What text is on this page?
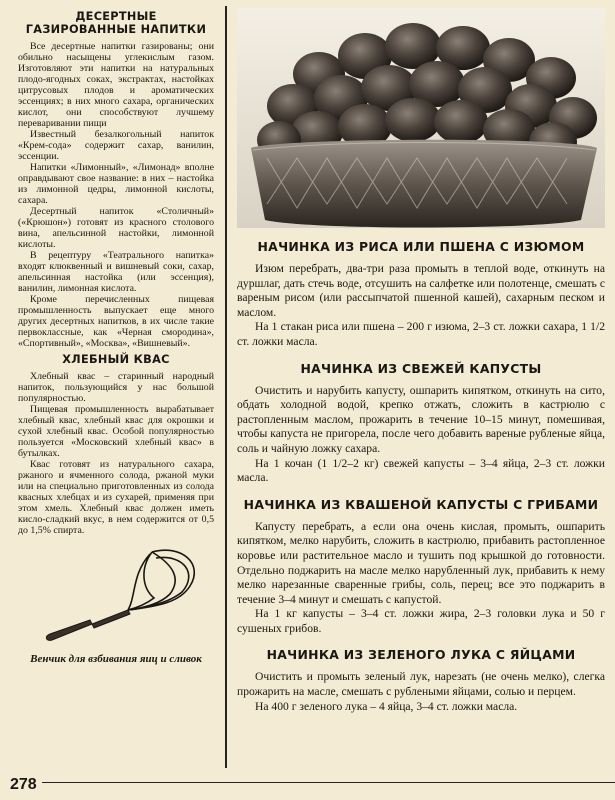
ДЕСЕРТНЫЕ ГАЗИРОВАННЫЕ НАПИТКИ

Все десертные напитки газированы; они обильно насыщены углекислым газом. Изготовляют эти напитки на натуральных плодо-ягодных соках, экстрактах, настойках цитрусовых плодов и ароматических эссенциях; в них много сахара, органических кислот, они способствуют лучшему переваривании пищи

Известный безалкогольный напиток «Крем-сода» содержит сахар, ванилин, эссенции.

Напитки «Лимонный», «Лимонад» вполне оправдывают свое название: в них – настойка из лимонной цедры, лимонной кислоты, сахара.

Десертный напиток «Столичный» («Крюшон») готовят из красного столового вина, апельсинной настойки, лимонной кислоты.

В рецептуру «Театрального напитка» входят клюквенный и вишневый соки, сахар, апельсинная настойка (или эссенция), ванилин, лимонная кислота.

Кроме перечисленных пищевая промышленность выпускает еще много других десертных напитков, в их числе такие первоклассные, как «Черная смородина», «Спортивный», «Москва», «Вишневый».

ХЛЕБНЫЙ КВАС

Хлебный квас – старинный народный напиток, пользующийся у нас большой популярностью.

Пищевая промышленность вырабатывает хлебный квас, хлебный квас для окрошки и сухой хлебный квас. Особой популярностью пользуется «Московский хлебный квас» в бутылках.

Квас готовят из натурального сахара, ржаного и ячменного солода, ржаной муки или на специально приготовленных из солода квасных хлебцах и из сухарей, применяя при этом хмель. Хлебный квас должен иметь кисло-сладкий вкус, в нем содержится от 0,5 до 1,5% спирта.

Венчик для взбивания яиц и сливок
НАЧИНКА ИЗ РИСА ИЛИ ПШЕНА С ИЗЮМОМ

Изюм перебрать, два-три раза промыть в теплой воде, откинуть на дуршлаг, дать стечь воде, отсушить на салфетке или полотенце, смешать с вареным рисом (или рассыпчатой пшенной кашей), сахарным песком и маслом.

На 1 стакан риса или пшена – 200 г изюма, 2–3 ст. ложки сахара, 1 1/2 ст. ложки масла.

НАЧИНКА ИЗ СВЕЖЕЙ КАПУСТЫ

Очистить и нарубить капусту, ошпарить кипятком, откинуть на сито, обдать холодной водой, крепко отжать, сложить в кастрюлю с растопленным маслом, прожарить в течение 10–15 минут, помешивая, чтобы капуста не пригорела, после чего добавить вареные рубленые яйца, соль и чайную ложку сахара.

На 1 кочан (1 1/2–2 кг) свежей капусты – 3–4 яйца, 2–3 ст. ложки масла.

НАЧИНКА ИЗ КВАШЕНОЙ КАПУСТЫ С ГРИБАМИ

Капусту перебрать, а если она очень кислая, промыть, ошпарить кипятком, мелко нарубить, сложить в кастрюлю, прибавить растопленное коровье или растительное масло и тушить под крышкой до готовности. Отдельно поджарить на масле мелко нарубленный лук, прибавить к нему мелко нарезанные сваренные грибы, соль, перец; все это поджарить в течение 3–4 минут и смешать с капустой.

На 1 кг капусты – 3–4 ст. ложки жира, 2–3 головки лука и 50 г сушеных грибов.

НАЧИНКА ИЗ ЗЕЛЕНОГО ЛУКА С ЯЙЦАМИ

Очистить и промыть зеленый лук, нарезать (не очень мелко), слегка прожарить на масле, смешать с рублеными яйцами, солью и перцем.

На 400 г зеленого лука – 4 яйца, 3–4 ст. ложки масла.

278
